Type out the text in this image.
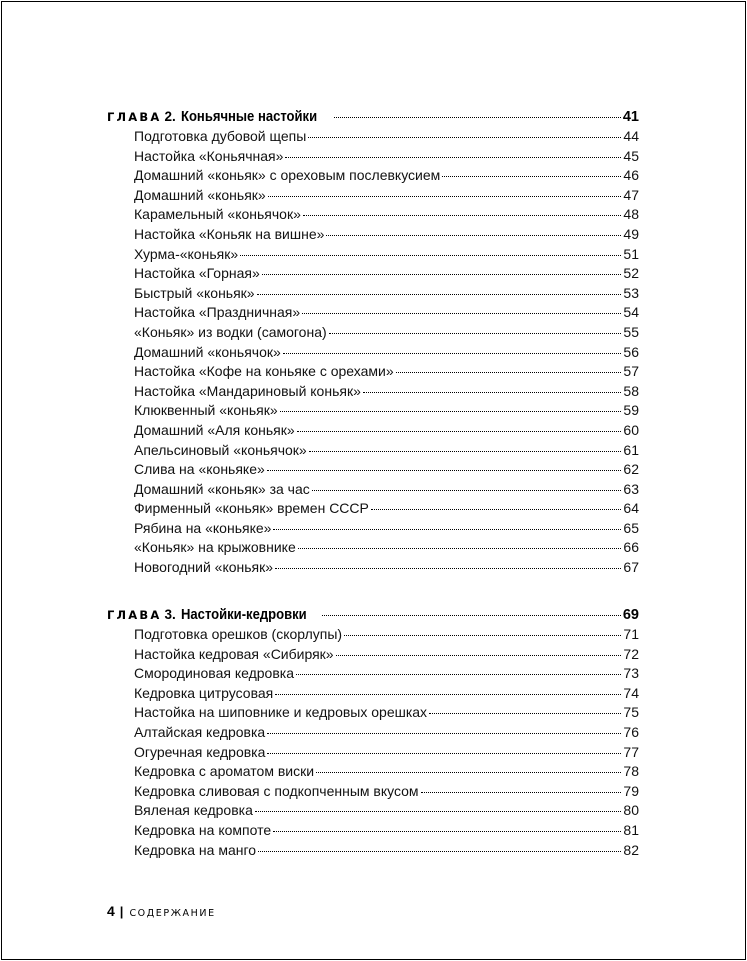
ГЛАВА 2 . Коньячные настойки	41
Подготовка дубовой щепы	44
Настойка «Коньячная»	45
Домашний «коньяк» с ореховым послевкусием	46
Домашний «коньяк»	47
Карамельный «коньячок»	48
Настойка «Коньяк на вишне»	49
Хурма-«коньяк»	51
Настойка «Горная»	52
Быстрый «коньяк»	53
Настойка «Праздничная»	54
«Коньяк» из водки (самогона)	55
Домашний «коньячок»	56
Настойка «Кофе на коньяке с орехами»	57
Настойка «Мандариновый коньяк»	58
Клюквенный «коньяк»	59
Домашний «Аля коньяк»	60
Апельсиновый «коньячок»	61
Слива на «коньяке»	62
Домашний «коньяк» за час	63
Фирменный «коньяк» времен СССР	64
Рябина на «коньяке»	65
«Коньяк» на крыжовнике	66
Новогодний «коньяк»	67
ГЛАВА 3 . Настойки-кедровки	69
Подготовка орешков (скорлупы)	71
Настойка кедровая «Сибиряк»	72
Смородиновая кедровка	73
Кедровка цитрусовая	74
Настойка на шиповнике и кедровых орешках	75
Алтайская кедровка	76
Огуречная кедровка	77
Кедровка с ароматом виски	78
Кедровка сливовая с подкопченным вкусом	79
Вяленая кедровка	80
Кедровка на компоте	81
Кедровка на манго	82
4 | СОДЕРЖАНИЕ
